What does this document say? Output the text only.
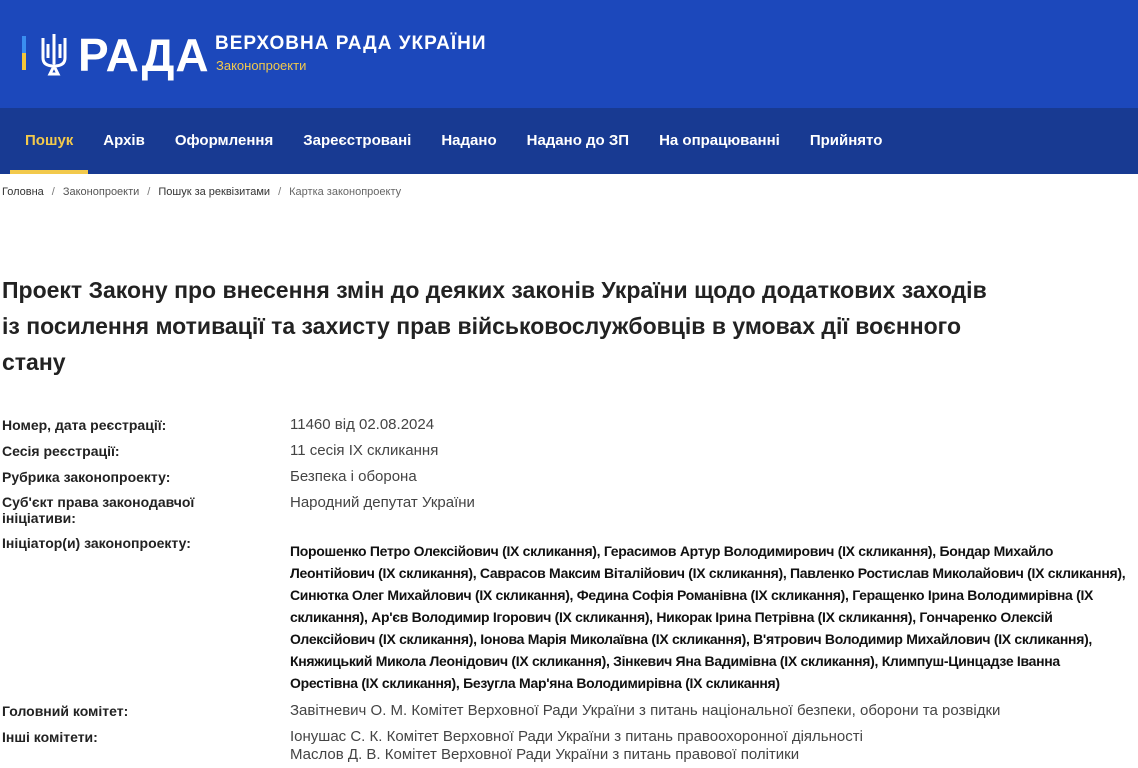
РАДА ВЕРХОВНА РАДА УКРАЇНИ
Законопроекти
Пошук	Архів	Оформлення	Зареєстровані	Надано	Надано до ЗП	На опрацюванні	Прийнято
Головна / Законопроекти / Пошук за реквізитами / Картка законопроекту
Проект Закону про внесення змін до деяких законів України щодо додаткових заходів із посилення мотивації та захисту прав військовослужбовців в умовах дії воєнного стану
Номер, дата реєстрації:	11460 від 02.08.2024
Сесія реєстрації:	11 сесія IX скликання
Рубрика законопроекту:	Безпека і оборона
Суб'єкт права законодавчої ініціативи:
Народний депутат України
Ініціатор(и) законопроекту:	Порошенко Петро Олексійович (IX скликання), Герасимов Артур Володимирович (IX скликання), Бондар Михайло Леонтійович (IX скликання), Саврасов Максим Віталійович (IX скликання), Павленко Ростислав Миколайович (IX скликання), Синютка Олег Михайлович (IX скликання), Федина Софія Романівна (IX скликання), Геращенко Ірина Володимирівна (IX скликання), Ар'єв Володимир Ігорович (IX скликання), Никорак Ірина Петрівна (IX скликання), Гончаренко Олексій Олексійович (IX скликання), Іонова Марія Миколаївна (IX скликання), В'ятрович Володимир Михайлович (IX скликання), Княжицький Микола Леонідович (IX скликання), Зінкевич Яна Вадимівна (IX скликання), Климпуш-Цинцадзе Іванна Орестівна (IX скликання), Безугла Мар'яна Володимирівна (IX скликання)
Головний комітет:	Завітневич О. М. Комітет Верховної Ради України з питань національної безпеки, оборони та розвідки
Інші комітети:	Іонушас С. К. Комітет Верховної Ради України з питань правоохоронної діяльності
Маслов Д. В. Комітет Верховної Ради України з питань правової політики
